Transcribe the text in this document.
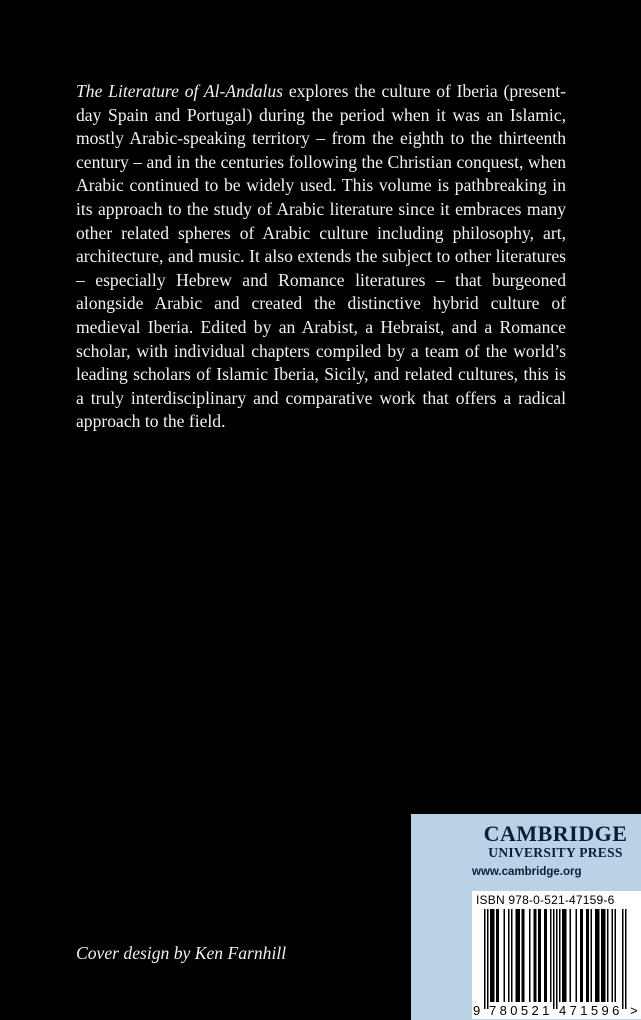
The Literature of Al-Andalus explores the culture of Iberia (present-day Spain and Portugal) during the period when it was an Islamic, mostly Arabic-speaking territory – from the eighth to the thirteenth century – and in the centuries following the Christian conquest, when Arabic continued to be widely used. This volume is pathbreaking in its approach to the study of Arabic literature since it embraces many other related spheres of Arabic culture including philosophy, art, architecture, and music. It also extends the subject to other literatures – especially Hebrew and Romance literatures – that burgeoned alongside Arabic and created the distinctive hybrid culture of medieval Iberia. Edited by an Arabist, a Hebraist, and a Romance scholar, with individual chapters compiled by a team of the world’s leading scholars of Islamic Iberia, Sicily, and related cultures, this is a truly interdisciplinary and comparative work that offers a radical approach to the field.

Cover design by Ken Farnhill
CAMBRIDGE
UNIVERSITY PRESS
www.cambridge.org
ISBN 978-0-521-47159-6
9 780521 471596 >
